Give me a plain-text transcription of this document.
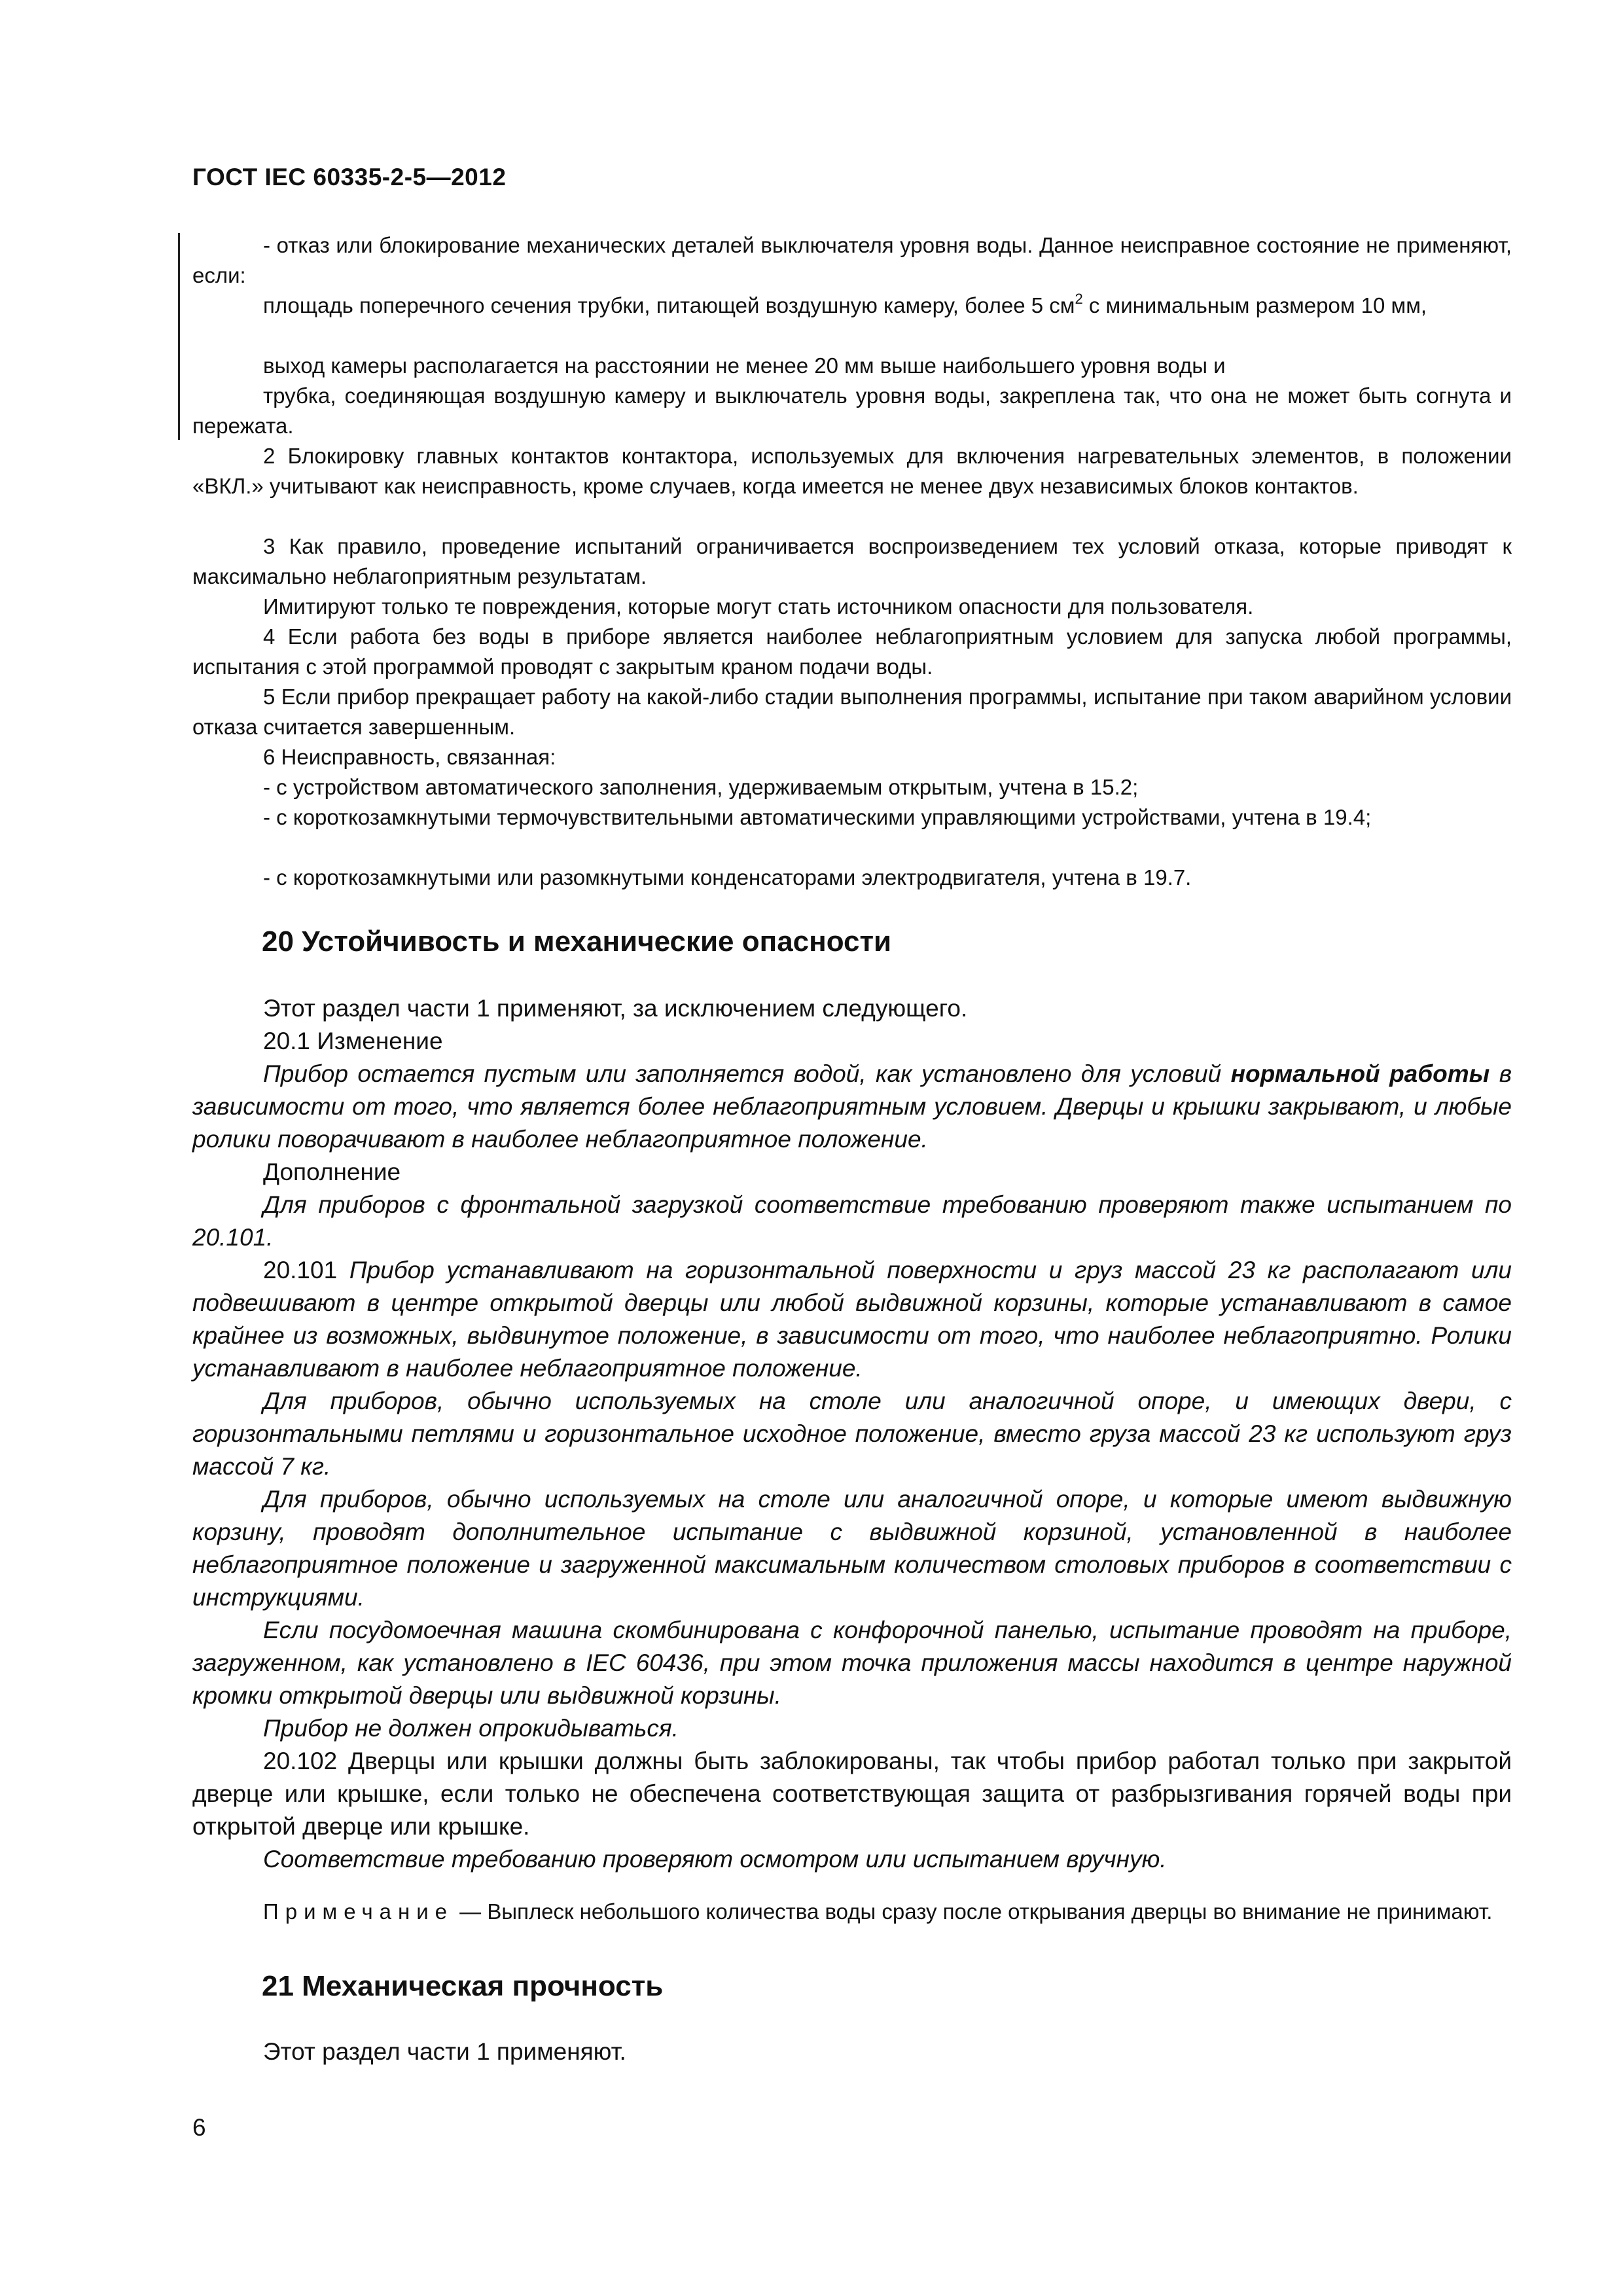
ГОСТ IEC 60335-2-5—2012
- отказ или блокирование механических деталей выключателя уровня воды. Данное неисправное состояние не применяют, если:
площадь поперечного сечения трубки, питающей воздушную камеру, более 5 $см^2$ с минимальным размером 10 мм,
выход камеры располагается на расстоянии не менее 20 мм выше наибольшего уровня воды и
трубка, соединяющая воздушную камеру и выключатель уровня воды, закреплена так, что она не может быть согнута и пережата.
2 Блокировку главных контактов контактора, используемых для включения нагревательных элементов, в положении «ВКЛ.» учитывают как неисправность, кроме случаев, когда имеется не менее двух независимых блоков контактов.
3 Как правило, проведение испытаний ограничивается воспроизведением тех условий отказа, которые приводят к максимально неблагоприятным результатам.
Имитируют только те повреждения, которые могут стать источником опасности для пользователя.
4 Если работа без воды в приборе является наиболее неблагоприятным условием для запуска любой программы, испытания с этой программой проводят с закрытым краном подачи воды.
5 Если прибор прекращает работу на какой-либо стадии выполнения программы, испытание при таком аварийном условии отказа считается завершенным.
6 Неисправность, связанная:
- с устройством автоматического заполнения, удерживаемым открытым, учтена в 15.2;
- с короткозамкнутыми термочувствительными автоматическими управляющими устройствами, учтена в 19.4;
- с короткозамкнутыми или разомкнутыми конденсаторами электродвигателя, учтена в 19.7.
20 Устойчивость и механические опасности
Этот раздел части 1 применяют, за исключением следующего.
20.1 Изменение
Прибор остается пустым или заполняется водой, как установлено для условий нормальной работы в зависимости от того, что является более неблагоприятным условием. Дверцы и крышки закрывают, и любые ролики поворачивают в наиболее неблагоприятное положение.
Дополнение
Для приборов с фронтальной загрузкой соответствие требованию проверяют также испытанием по 20.101.
20.101 Прибор устанавливают на горизонтальной поверхности и груз массой 23 кг располагают или подвешивают в центре открытой дверцы или любой выдвижной корзины, которые устанавливают в самое крайнее из возможных, выдвинутое положение, в зависимости от того, что наиболее неблагоприятно. Ролики устанавливают в наиболее неблагоприятное положение.
Для приборов, обычно используемых на столе или аналогичной опоре, и имеющих двери, с горизонтальными петлями и горизонтальное исходное положение, вместо груза массой 23 кг используют груз массой 7 кг.
Для приборов, обычно используемых на столе или аналогичной опоре, и которые имеют выдвижную корзину, проводят дополнительное испытание с выдвижной корзиной, установленной в наиболее неблагоприятное положение и загруженной максимальным количеством столовых приборов в соответствии с инструкциями.
Если посудомоечная машина скомбинирована с конфорочной панелью, испытание проводят на приборе, загруженном, как установлено в IEC 60436, при этом точка приложения массы находится в центре наружной кромки открытой дверцы или выдвижной корзины.
Прибор не должен опрокидываться.
20.102 Дверцы или крышки должны быть заблокированы, так чтобы прибор работал только при закрытой дверце или крышке, если только не обеспечена соответствующая защита от разбрызгивания горячей воды при открытой дверце или крышке.
Соответствие требованию проверяют осмотром или испытанием вручную.
Примечание — Выплеск небольшого количества воды сразу после открывания дверцы во внимание не принимают.
21 Механическая прочность
Этот раздел части 1 применяют.
6
